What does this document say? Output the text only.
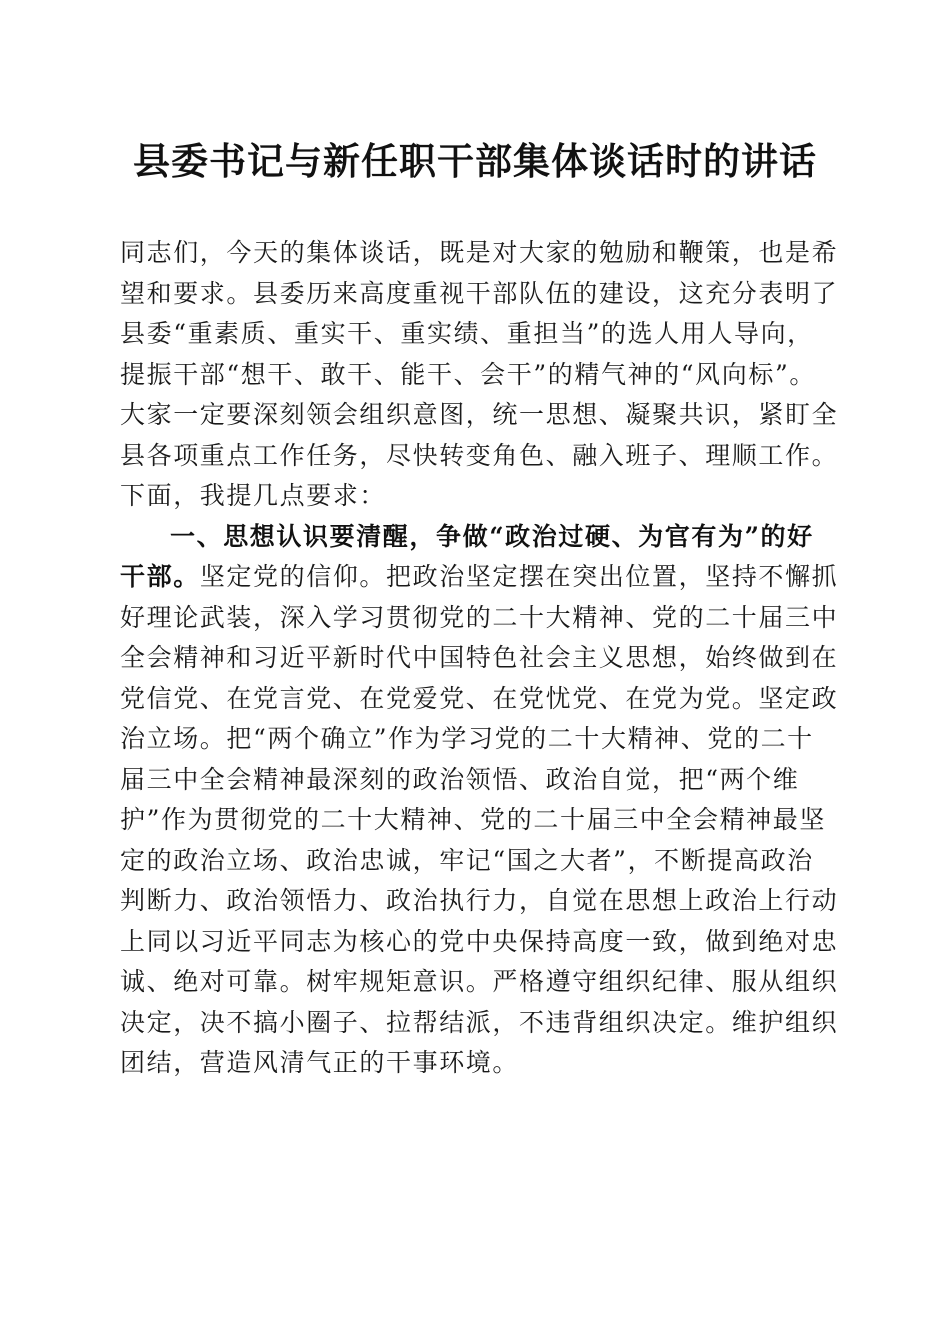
县委书记与新任职干部集体谈话时的讲话
同志们，今天的集体谈话，既是对大家的勉励和鞭策，也是希
望和要求。县委历来高度重视干部队伍的建设，这充分表明了
县委“重素质、重实干、重实绩、重担当”的选人用人导向，
提振干部“想干、敢干、能干、会干”的精气神的“风向标”。
大家一定要深刻领会组织意图，统一思想、凝聚共识，紧盯全
县各项重点工作任务，尽快转变角色、融入班子、理顺工作。
下面，我提几点要求：
一、思想认识要清醒，争做“政治过硬、为官有为”的好
干部。坚定党的信仰。把政治坚定摆在突出位置，坚持不懈抓
好理论武装，深入学习贯彻党的二十大精神、党的二十届三中
全会精神和习近平新时代中国特色社会主义思想，始终做到在
党信党、在党言党、在党爱党、在党忧党、在党为党。坚定政
治立场。把“两个确立”作为学习党的二十大精神、党的二十
届三中全会精神最深刻的政治领悟、政治自觉，把“两个维
护”作为贯彻党的二十大精神、党的二十届三中全会精神最坚
定的政治立场、政治忠诚，牢记“国之大者”，不断提高政治
判断力、政治领悟力、政治执行力，自觉在思想上政治上行动
上同以习近平同志为核心的党中央保持高度一致，做到绝对忠
诚、绝对可靠。树牢规矩意识。严格遵守组织纪律、服从组织
决定，决不搞小圈子、拉帮结派，不违背组织决定。维护组织
团结，营造风清气正的干事环境。
